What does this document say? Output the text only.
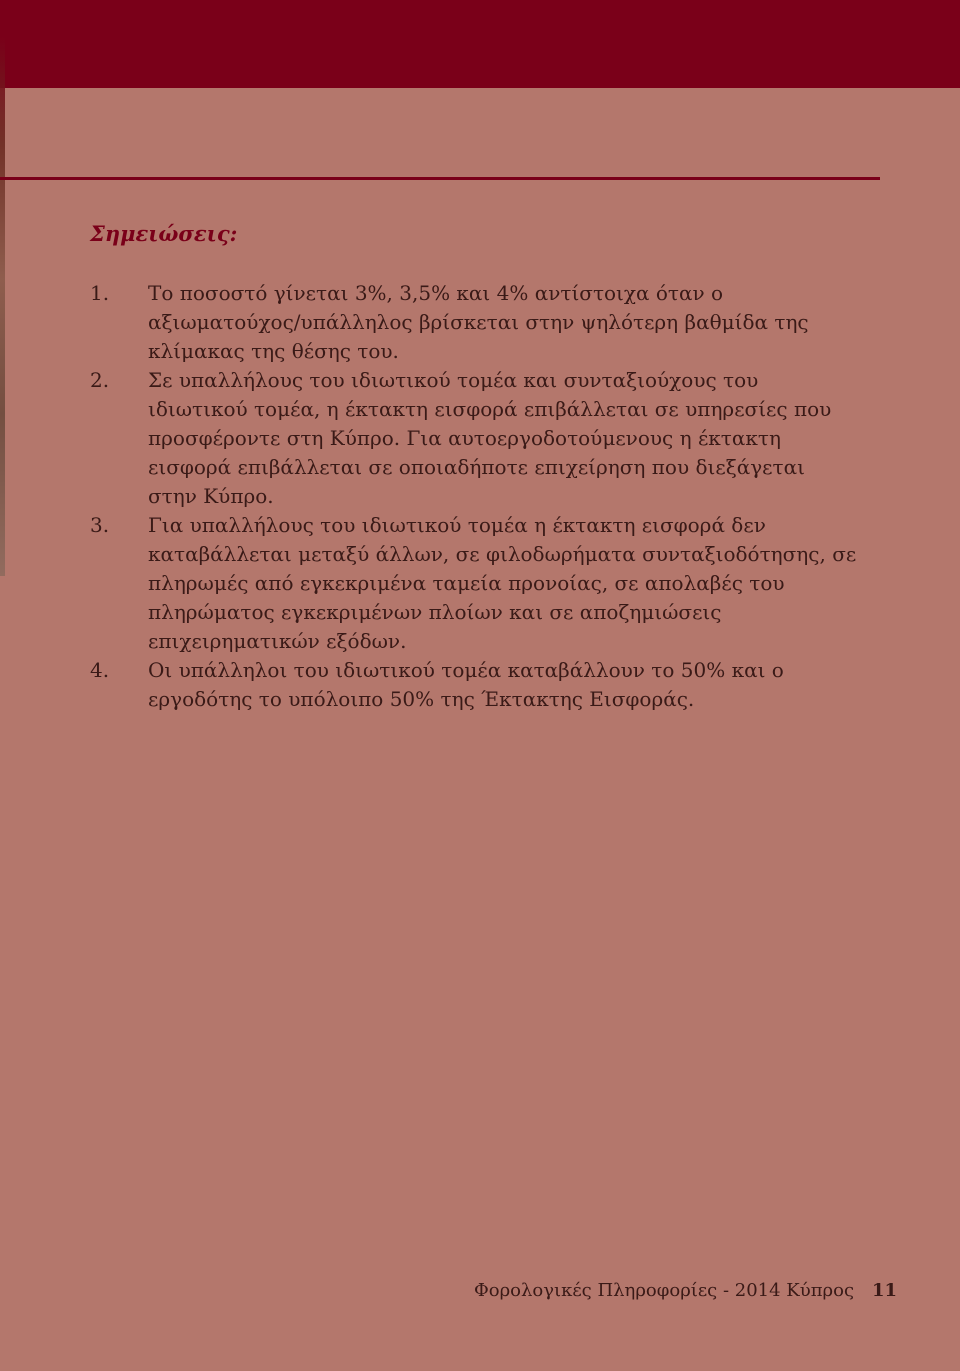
Σημειώσεις:
1.	Το ποσοστό γίνεται 3%, 3,5% και 4% αντίστοιχα όταν ο αξιωματούχος/υπάλληλος βρίσκεται στην ψηλότερη βαθμίδα της κλίμακας της θέσης του.
2.	Σε υπαλλήλους του ιδιωτικού τομέα και συνταξιούχους του ιδιωτικού τομέα, η έκτακτη εισφορά επιβάλλεται σε υπηρεσίες που προσφέροντε στη Κύπρο. Για αυτοεργοδοτούμενους η έκτακτη εισφορά επιβάλλεται σε οποιαδήποτε επιχείρηση που διεξάγεται στην Κύπρο.
3.	Για υπαλλήλους του ιδιωτικού τομέα η έκτακτη εισφορά δεν καταβάλλεται μεταξύ άλλων, σε φιλοδωρήματα συνταξιοδότησης, σε πληρωμές από εγκεκριμένα ταμεία προνοίας, σε απολαβές του πληρώματος εγκεκριμένων πλοίων και σε αποζημιώσεις επιχειρηματικών εξόδων.
4.	Οι υπάλληλοι του ιδιωτικού τομέα καταβάλλουν το 50% και ο εργοδότης το υπόλοιπο 50% της Έκτακτης Εισφοράς.
Φορολογικές Πληροφορίες - 2014 Κύπρος 11
